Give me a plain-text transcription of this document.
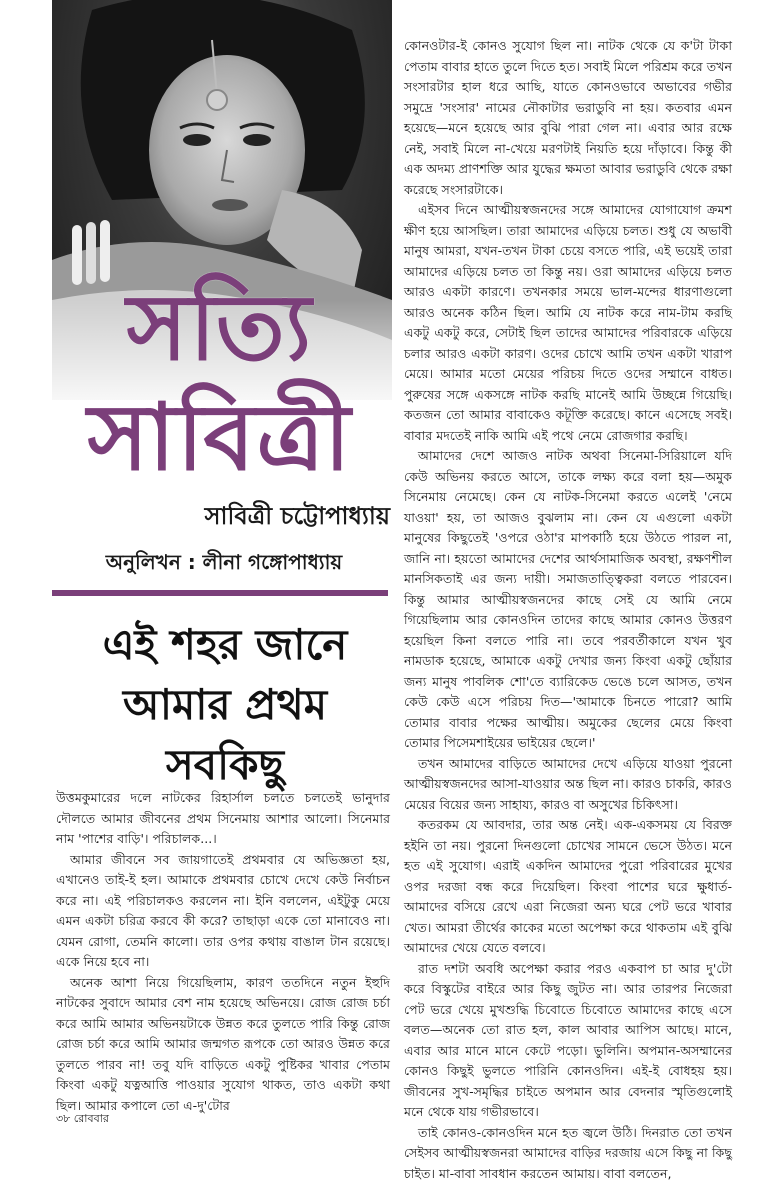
সত্যি
সাবিত্রী
সাবিত্রী চট্টোপাধ্যায়
অনুলিখন : লীনা গঙ্গোপাধ্যায়
এই শহর জানে আমার প্রথম সবকিছু

উত্তমকুমারের দলে নাটকের রিহার্সাল চলতে চলতেই ভানুদার দৌলতে আমার জীবনের প্রথম সিনেমায় আশার আলো। সিনেমার নাম 'পাশের বাড়ি'। পরিচালক...।

আমার জীবনে সব জায়গাতেই প্রথমবার যে অভিজ্ঞতা হয়, এখানেও তাই-ই হল। আমাকে প্রথমবার চোখে দেখে কেউ নির্বাচন করে না। এই পরিচালকও করলেন না। ইনি বললেন, এইটুকু মেয়ে এমন একটা চরিত্র করবে কী করে? তাছাড়া একে তো মানাবেও না। যেমন রোগা, তেমনি কালো। তার ওপর কথায় বাঙাল টান রয়েছে। একে নিয়ে হবে না।

অনেক আশা নিয়ে গিয়েছিলাম, কারণ ততদিনে নতুন ইহুদি নাটকের সুবাদে আমার বেশ নাম হয়েছে অভিনয়ে। রোজ রোজ চর্চা করে আমি আমার অভিনয়টাকে উন্নত করে তুলতে পারি কিন্তু রোজ রোজ চর্চা করে আমি আমার জন্মগত রূপকে তো আরও উন্নত করে তুলতে পারব না! তবু যদি বাড়িতে একটু পুষ্টিকর খাবার পেতাম কিংবা একটু যত্নআত্তি পাওয়ার সুযোগ থাকত, তাও একটা কথা ছিল। আমার কপালে তো এ-দু'টোর

কোনওটার-ই কোনও সুযোগ ছিল না। নাটক থেকে যে ক'টা টাকা পেতাম বাবার হাতে তুলে দিতে হত। সবাই মিলে পরিশ্রম করে তখন সংসারটার হাল ধরে আছি, যাতে কোনওভাবে অভাবের গভীর সমুদ্রে 'সংসার' নামের নৌকাটার ভরাডুবি না হয়। কতবার এমন হয়েছে—মনে হয়েছে আর বুঝি পারা গেল না। এবার আর রক্ষে নেই, সবাই মিলে না-খেয়ে মরণটাই নিয়তি হয়ে দাঁড়াবে। কিন্তু কী এক অদম্য প্রাণশক্তি আর যুদ্ধের ক্ষমতা আবার ভরাডুবি থেকে রক্ষা করেছে সংসারটাকে।

এইসব দিনে আত্মীয়স্বজনদের সঙ্গে আমাদের যোগাযোগ ক্রমশ ক্ষীণ হয়ে আসছিল। তারা আমাদের এড়িয়ে চলত। শুধু যে অভাবী মানুষ আমরা, যখন-তখন টাকা চেয়ে বসতে পারি, এই ভয়েই তারা আমাদের এড়িয়ে চলত তা কিন্তু নয়। ওরা আমাদের এড়িয়ে চলত আরও একটা কারণে। তখনকার সময়ে ভাল-মন্দের ধারণাগুলো আরও অনেক কঠিন ছিল। আমি যে নাটক করে নাম-টাম করছি একটু একটু করে, সেটাই ছিল তাদের আমাদের পরিবারকে এড়িয়ে চলার আরও একটা কারণ। ওদের চোখে আমি তখন একটা খারাপ মেয়ে। আমার মতো মেয়ের পরিচয় দিতে ওদের সম্মানে বাধত। পুরুষের সঙ্গে একসঙ্গে নাটক করছি মানেই আমি উচ্ছন্নে গিয়েছি। কতজন তো আমার বাবাকেও কটূক্তি করেছে। কানে এসেছে সবই। বাবার মদতেই নাকি আমি এই পথে নেমে রোজগার করছি।

আমাদের দেশে আজও নাটক অথবা সিনেমা-সিরিয়ালে যদি কেউ অভিনয় করতে আসে, তাকে লক্ষ্য করে বলা হয়—অমুক সিনেমায় নেমেছে। কেন যে নাটক-সিনেমা করতে এলেই 'নেমে যাওয়া' হয়, তা আজও বুঝলাম না। কেন যে এগুলো একটা মানুষের কিছুতেই 'ওপরে ওঠা'র মাপকাঠি হয়ে উঠতে পারল না, জানি না। হয়তো আমাদের দেশের আর্থসামাজিক অবস্থা, রক্ষণশীল মানসিকতাই এর জন্য দায়ী। সমাজতাত্ত্বিকরা বলতে পারবেন। কিন্তু আমার আত্মীয়স্বজনদের কাছে সেই যে আমি নেমে গিয়েছিলাম আর কোনওদিন তাদের কাছে আমার কোনও উত্তরণ হয়েছিল কিনা বলতে পারি না। তবে পরবর্তীকালে যখন খুব নামডাক হয়েছে, আমাকে একটু দেখার জন্য কিংবা একটু ছোঁয়ার জন্য মানুষ পাবলিক শো'তে ব্যারিকেড ভেঙে চলে আসত, তখন কেউ কেউ এসে পরিচয় দিত—'আমাকে চিনতে পারো? আমি তোমার বাবার পক্ষের আত্মীয়। অমুকের ছেলের মেয়ে কিংবা তোমার পিসেমশাইয়ের ভাইয়ের ছেলে।'

তখন আমাদের বাড়িতে আমাদের দেখে এড়িয়ে যাওয়া পুরনো আত্মীয়স্বজনদের আসা-যাওয়ার অন্ত ছিল না। কারও চাকরি, কারও মেয়ের বিয়ের জন্য সাহায্য, কারও বা অসুখের চিকিৎসা।

কতরকম যে আবদার, তার অন্ত নেই। এক-একসময় যে বিরক্ত হইনি তা নয়। পুরনো দিনগুলো চোখের সামনে ভেসে উঠত। মনে হত এই সুযোগ। এরাই একদিন আমাদের পুরো পরিবারের মুখের ওপর দরজা বন্ধ করে দিয়েছিল। কিংবা পাশের ঘরে ক্ষুধার্ত-আমাদের বসিয়ে রেখে এরা নিজেরা অন্য ঘরে পেট ভরে খাবার খেত। আমরা তীর্থের কাকের মতো অপেক্ষা করে থাকতাম এই বুঝি আমাদের খেয়ে যেতে বলবে।

রাত দশটা অবধি অপেক্ষা করার পরও একবাপ চা আর দু'টো করে বিস্কুটের বাইরে আর কিছু জুটত না। আর তারপর নিজেরা পেট ভরে খেয়ে মুখশুদ্ধি চিবোতে চিবোতে আমাদের কাছে এসে বলত—অনেক তো রাত হল, কাল আবার আপিস আছে। মানে, এবার আর মানে মানে কেটে পড়ো। ভুলিনি। অপমান-অসম্মানের কোনও কিছুই ভুলতে পারিনি কোনওদিন। এই-ই বোধহয় হয়। জীবনের সুখ-সমৃদ্ধির চাইতে অপমান আর বেদনার স্মৃতিগুলোই মনে থেকে যায় গভীরভাবে।

তাই কোনও-কোনওদিন মনে হত জ্বলে উঠি। দিনরাত তো তখন সেইসব আত্মীয়স্বজনরা আমাদের বাড়ির দরজায় এসে কিছু না কিছু চাইত। মা-বাবা সাবধান করতেন আমায়। বাবা বলতেন,

৩৮ রোববার
